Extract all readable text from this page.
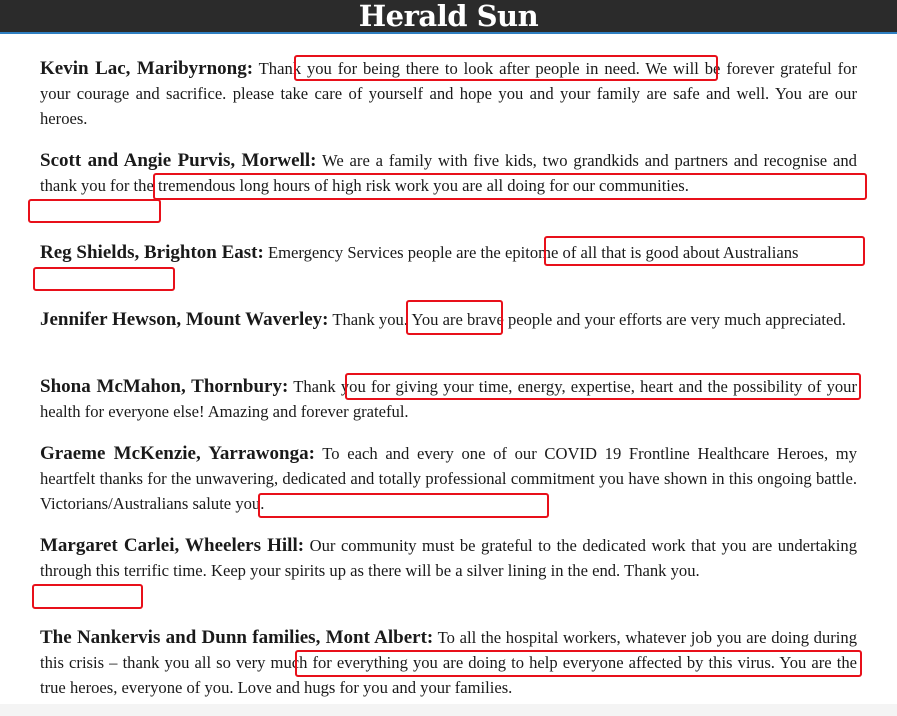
Herald Sun
Kevin Lac, Maribyrnong: Thank you for being there to look after people in need. We will be forever grateful for your courage and sacrifice. please take care of yourself and hope you and your family are safe and well. You are our heroes.
Scott and Angie Purvis, Morwell: We are a family with five kids, two grandkids and partners and recognise and thank you for the tremendous long hours of high risk work you are all doing for our communities.
Reg Shields, Brighton East: Emergency Services people are the epitome of all that is good about Australians
Jennifer Hewson, Mount Waverley: Thank you. You are brave people and your efforts are very much appreciated.
Shona McMahon, Thornbury: Thank you for giving your time, energy, expertise, heart and the possibility of your health for everyone else! Amazing and forever grateful.
Graeme McKenzie, Yarrawonga: To each and every one of our COVID 19 Frontline Healthcare Heroes, my heartfelt thanks for the unwavering, dedicated and totally professional commitment you have shown in this ongoing battle. Victorians/Australians salute you.
Margaret Carlei, Wheelers Hill: Our community must be grateful to the dedicated work that you are undertaking through this terrific time. Keep your spirits up as there will be a silver lining in the end. Thank you.
The Nankervis and Dunn families, Mont Albert: To all the hospital workers, whatever job you are doing during this crisis – thank you all so very much for everything you are doing to help everyone affected by this virus. You are the true heroes, everyone of you. Love and hugs for you and your families.
